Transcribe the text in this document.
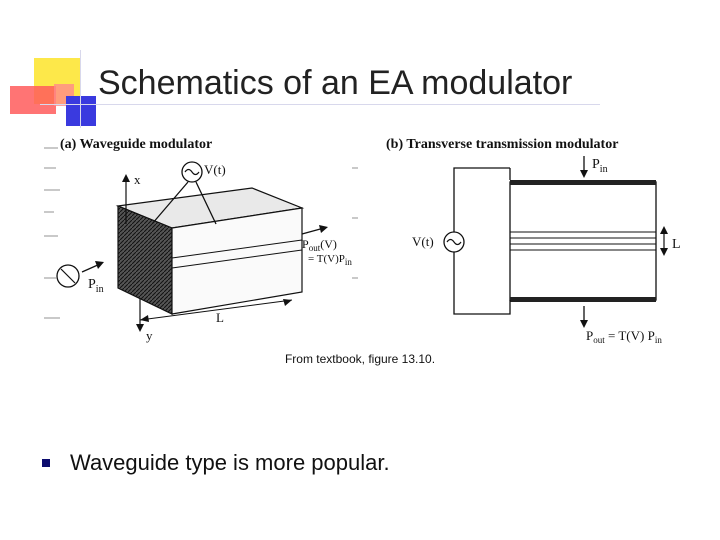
Schematics of an EA modulator
(a) Waveguide modulator
x
y
V(t)
$P_{in}$
$P_{out}(V)$
= $T(V)P_{in}$
L
(b) Transverse transmission modulator
L
V(t)
$P_{in}$
$P_{out} = T(V)$ $P_{in}$
From textbook, figure 13.10.
Waveguide type is more popular.
